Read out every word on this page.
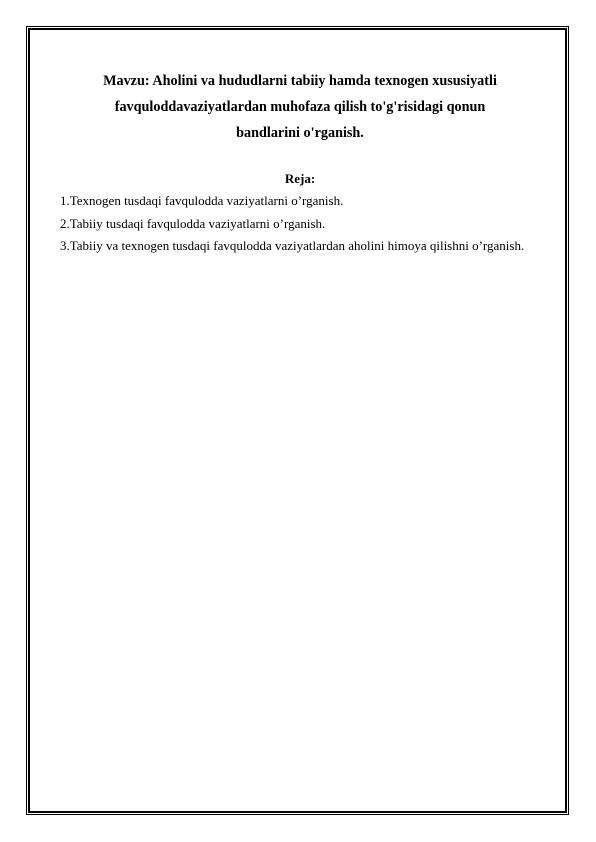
Mavzu: Aholini va hududlarni tabiiy hamda texnogen xususiyatli
favquloddavaziyatlardan muhofaza qilish to'g'risidagi qonun
bandlarini o'rganish.
Reja:
1.Texnogen tusdaqi favqulodda vaziyatlarni o’rganish.
2.Tabiiy tusdaqi favqulodda vaziyatlarni o’rganish.
3.Tabiiy va texnogen tusdaqi favqulodda vaziyatlardan aholini himoya qilishni o’rganish.
